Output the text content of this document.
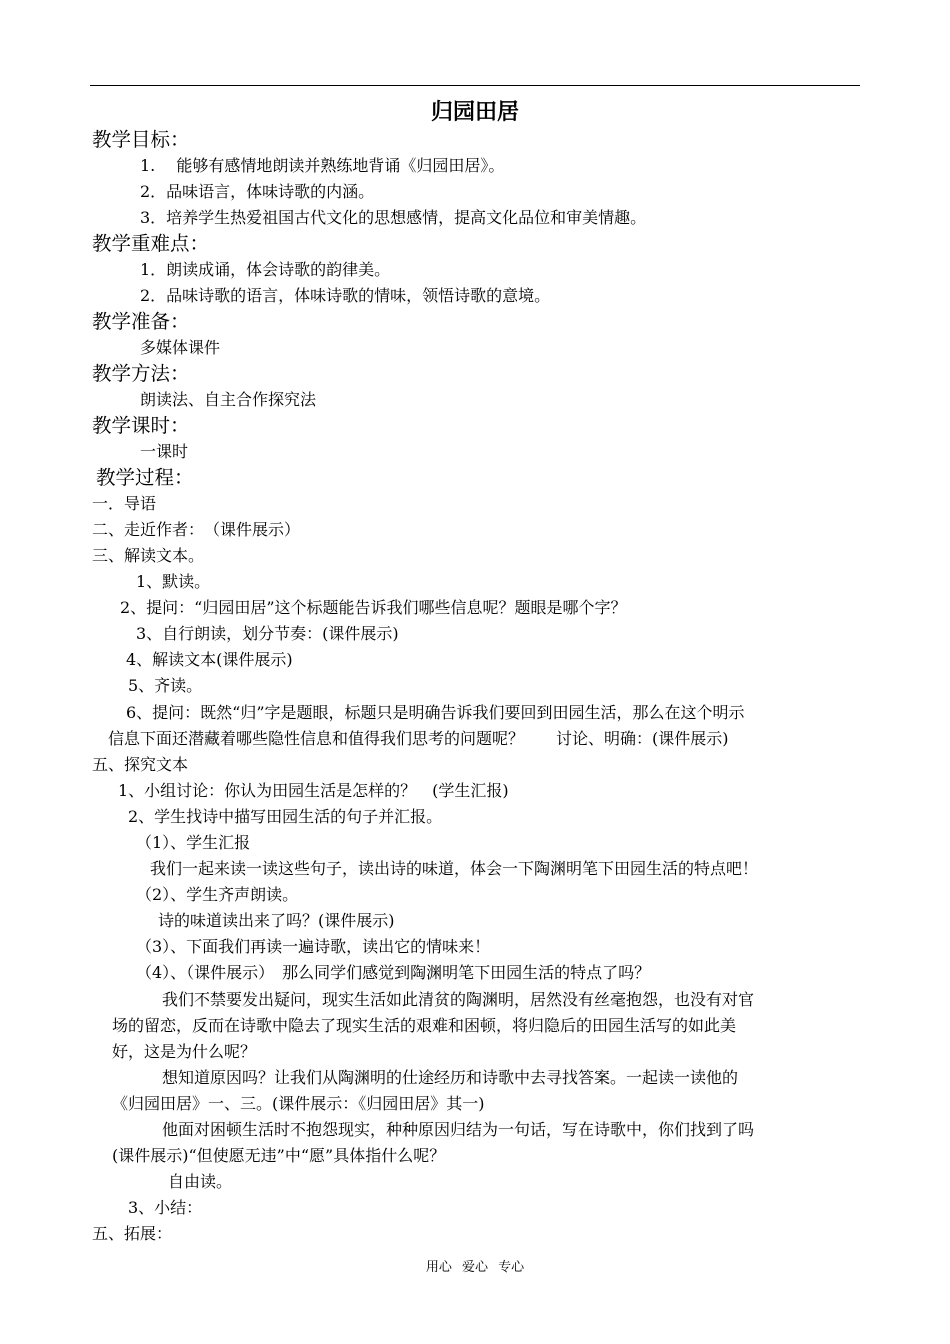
归园田居
教学目标：
1.　 能够有感情地朗读并熟练地背诵《归园田居》。
2．品味语言，体味诗歌的内涵。
3．培养学生热爱祖国古代文化的思想感情，提高文化品位和审美情趣。
教学重难点：
1．朗读成诵，体会诗歌的韵律美。
2．品味诗歌的语言，体味诗歌的情味，领悟诗歌的意境。
教学准备：
多媒体课件
教学方法：
朗读法、自主合作探究法
教学课时：
一课时
教学过程：
一．导语
二、走近作者：　（课件展示）
三、解读文本。
1、默读。
2、提问：“归园田居”这个标题能告诉我们哪些信息呢？题眼是哪个字？
3、自行朗读，划分节奏：(课件展示)
4、解读文本(课件展示)
5、齐读。
6、提问：既然“归”字是题眼，标题只是明确告诉我们要回到田园生活，那么在这个明示
信息下面还潜藏着哪些隐性信息和值得我们思考的问题呢？　　讨论、明确：(课件展示)
五、探究文本
1、小组讨论：你认为田园生活是怎样的？　(学生汇报)
2、学生找诗中描写田园生活的句子并汇报。
（1）、学生汇报
我们一起来读一读这些句子，读出诗的味道，体会一下陶渊明笔下田园生活的特点吧！
（2）、学生齐声朗读。
诗的味道读出来了吗？(课件展示)
（3）、下面我们再读一遍诗歌，读出它的情味来！
（4）、（课件展示）　那么同学们感觉到陶渊明笔下田园生活的特点了吗？
我们不禁要发出疑问，现实生活如此清贫的陶渊明，居然没有丝毫抱怨，也没有对官
场的留恋，反而在诗歌中隐去了现实生活的艰难和困顿，将归隐后的田园生活写的如此美
好，这是为什么呢？
想知道原因吗？让我们从陶渊明的仕途经历和诗歌中去寻找答案。一起读一读他的
《归园田居》一、三。(课件展示：《归园田居》其一)
他面对困顿生活时不抱怨现实，种种原因归结为一句话，写在诗歌中，你们找到了吗
(课件展示)“但使愿无违”中“愿”具体指什么呢？
自由读。
3、小结：
五、拓展：
用心 爱心 专心
